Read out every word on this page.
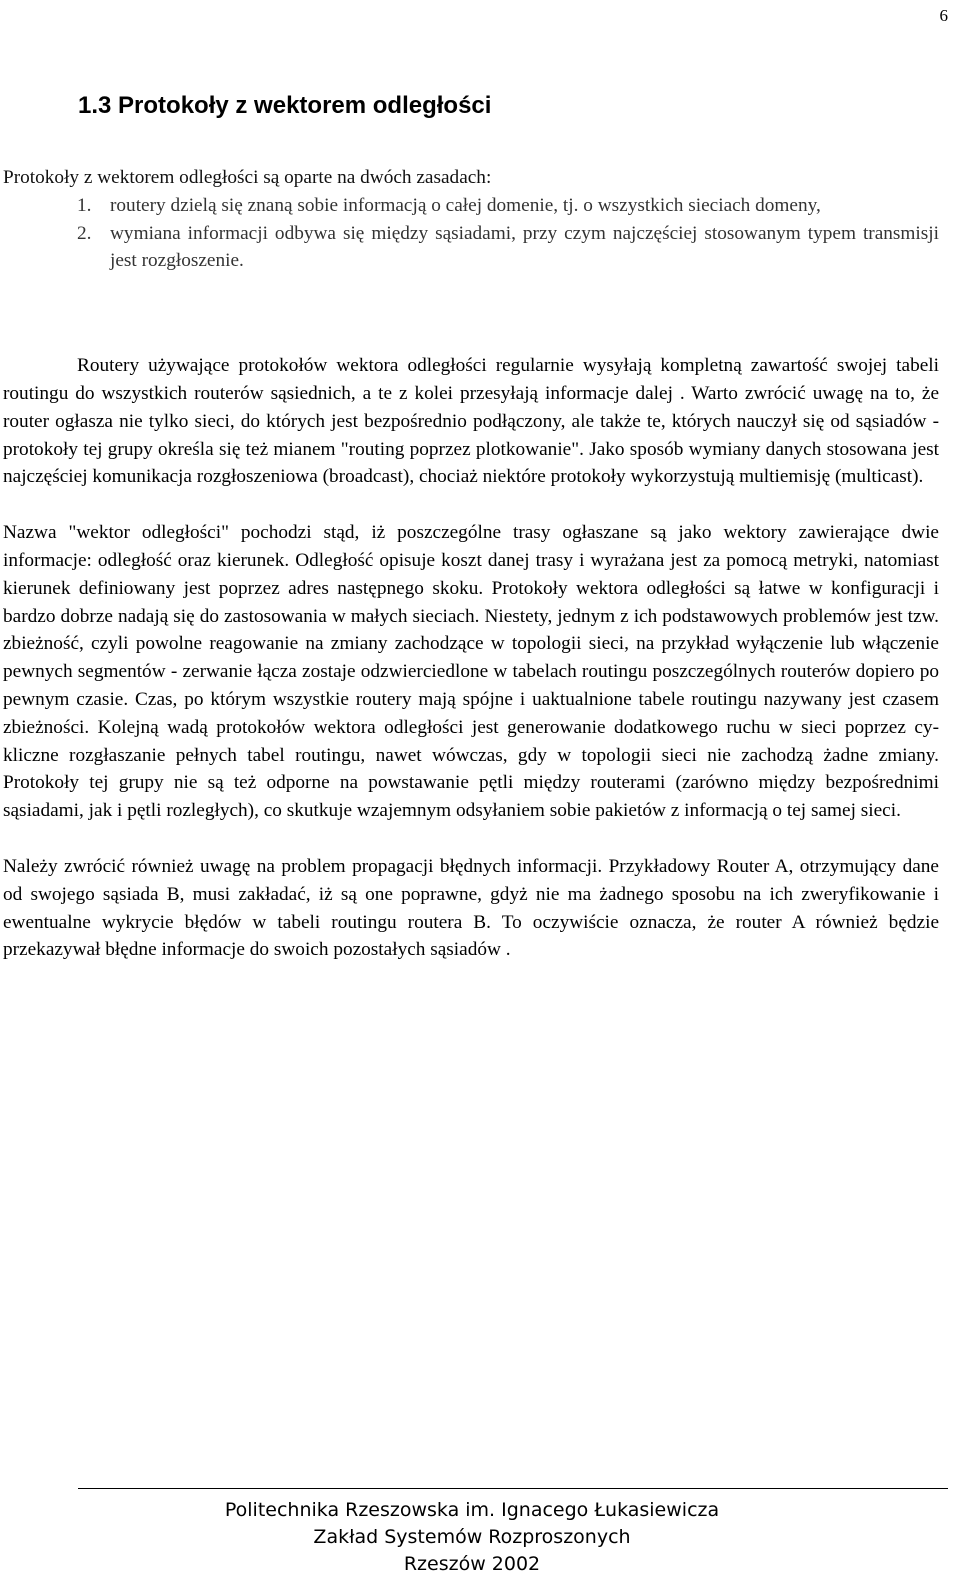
6
1.3 Protokoły z wektorem odległości

Protokoły z wektorem odległości są oparte na dwóch zasadach:

1. routery dzielą się znaną sobie informacją o całej domenie, tj. o wszystkich sieciach domeny,
2. wymiana informacji odbywa się między sąsiadami, przy czym najczęściej stosowanym typem transmisji jest rozgłoszenie.

Routery używające protokołów wektora odległości regularnie wysyłają kompletną zawartość swojej tabeli routingu do wszystkich routerów sąsiednich, a te z kolei przesyłają informacje dalej . Warto zwrócić uwagę na to, że router ogłasza nie tylko sieci, do których jest bezpośrednio podłączony, ale także te, których nauczył się od sąsiadów - protokoły tej grupy określa się też mianem "routing poprzez plotkowanie". Jako sposób wymiany danych stosowana jest najczęściej komunikacja rozgłoszeniowa (broadcast), chociaż niektóre protokoły wykorzystują multiemisję (multicast).

Nazwa "wektor odległości" pochodzi stąd, iż poszczególne trasy ogłaszane są jako wektory zawierające dwie informacje: odległość oraz kierunek. Odległość opisuje koszt danej trasy i wyrażana jest za pomocą metryki, natomiast kierunek definiowany jest poprzez adres następnego skoku. Protokoły wektora odległości są łatwe w konfiguracji i bardzo dobrze nadają się do zastosowania w małych sieciach. Niestety, jednym z ich podstawowych problemów jest tzw. zbieżność, czyli powolne reagowanie na zmiany zachodzące w topologii sieci, na przykład wyłączenie lub włączenie pewnych segmentów - zerwanie łącza zostaje odzwierciedlone w tabelach routingu poszczególnych routerów dopiero po pewnym czasie. Czas, po którym wszystkie routery mają spójne i uaktualnione tabele routingu nazywany jest czasem zbieżności. Kolejną wadą protokołów wektora odległości jest generowanie dodatkowego ruchu w sieci poprzez cykliczne rozgłaszanie pełnych tabel routingu, nawet wówczas, gdy w topologii sieci nie zachodzą żadne zmiany. Protokoły tej grupy nie są też odporne na powstawanie pętli między routerami (zarówno między bezpośrednimi sąsiadami, jak i pętli rozległych), co skutkuje wzajemnym odsyłaniem sobie pakietów z informacją o tej samej sieci.

Należy zwrócić również uwagę na problem propagacji błędnych informacji. Przykładowy Router A, otrzymujący dane od swojego sąsiada B, musi zakładać, iż są one poprawne, gdyż nie ma żadnego sposobu na ich zweryfikowanie i ewentualne wykrycie błędów w tabeli routingu routera B. To oczywiście oznacza, że router A również będzie przekazywał błędne informacje do swoich pozostałych sąsiadów .

Politechnika Rzeszowska im. Ignacego Łukasiewicza
Zakład Systemów Rozproszonych
Rzeszów 2002
